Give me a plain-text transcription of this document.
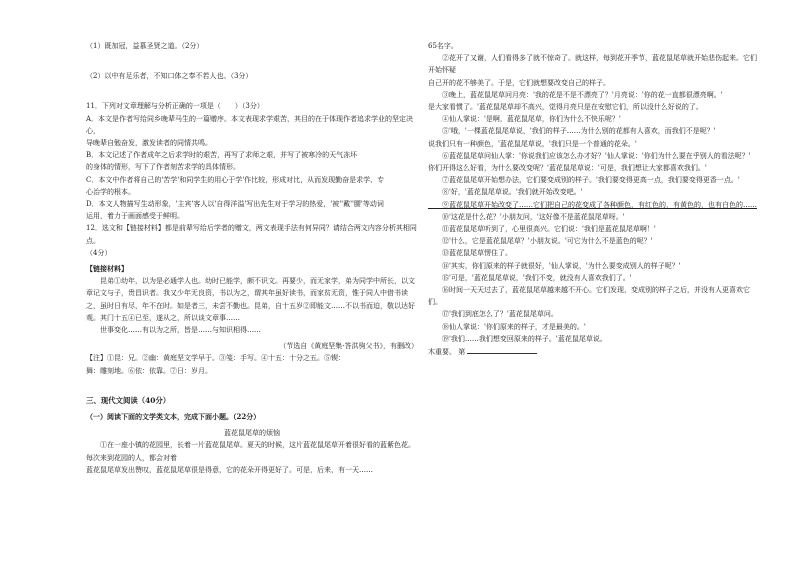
（1）既加冠，益慕圣贤之道。（2分）

（2）以中有足乐者，不知口体之奉不若人也。（3分）

11．下列对文章理解与分析正确的一项是（　　）（3分）

A．本文是作者写给同乡晚辈马生的一篇赠序。本文表现求学艰苦，其目的在于体现作者追求学业的坚定决心，

导晚辈自勉奋发，激发读者的同情共鸣。

B．本文记述了作者成年之后求学时的艰苦，再写了求师之艰，并写了被寒冷的天气冻坏

的身体的情形，写下了作者刻苦求学的具体情形。

C．本文中作者将自己的'苦学'和同学生的用心于学'作比较，形成对比，从而发现勤奋是求学、专

心治学的根本。

D．本文人物描写生动形象，'主宾'客人以'自得洋溢'写出先生对于学习的热爱，'被''戴''腰'等动词

运用，着力于画面感受于鲜明。

12．选文和【链接材料】都是前辈写给后学者的赠文，两文表现手法有何异同？请结合两文内容分析其相同点。

（4分）

【链接材料】

　　昆弟①幼年，以为是必通学人也。幼时已能学，颇不识文。再要少，而无家学，弟为同学中所长，以文章记文与子，贵昌识者。我又少年无良资，书以为之，谓其年虽好读书，而家贫无资，惟于同人中借书读之，虽时日有尽，年不在时。如是者三，未尝不勤也。昆弟，自十五岁②即能文……不以书而迫，敬以达好观。其门十五④已至，遂从之，所以谈文章事……

　　世事变化……有以为之所，皆是……与知识相得……

（节选自《黄庭坚集·答洪驹父书》，有删改）

【注】①昆：兄。②幽：黄庭坚文学早于。③笺：手写。④十五：十分之五。⑤锲：

舞：雕刻地。⑥依：依靠。⑦日：岁月。

三、现代文阅读（40分）

（一）阅读下面的文学类文本，完成下面小题。（22分）

蓝花鼠尾草的烦恼

　　①在一座小镇的花园里，长着一片蓝花鼠尾草。夏天的时候，这片蓝花鼠尾草开着很好看的蓝紫色花。每次来到花园的人，都会对着

蓝花鼠尾草发出赞叹，蓝花鼠尾草很是得意，它的花朵开得更好了。可是，后来，有一天……

65名字。

　　②花开了又谢，人们看得多了就不惊奇了。就这样，每到花开季节，蓝花鼠尾草就开始悲伤起来。它们开始怀疑

自己开的花不够美了。于是，它们就想要改变自己的样子。

　　③晚上，蓝花鼠尾草问月亮：'我的花是不是不漂亮了？'月亮说：'你的花一直都很漂亮啊。'

是大家看惯了。'蓝花鼠尾草却不高兴，觉得月亮只是在安慰它们，所以没什么好说的了。

　　④仙人掌说：'是啊，蓝花鼠尾草，你们为什么不快乐呢？'

　　⑤'哦，'一棵蓝花鼠尾草说，'我们的样子……为什么别的花都有人喜欢，而我们不是呢？'

说我们只有一种颜色，'蓝花鼠尾草说，'我们只是一个普通的花朵。'

　　⑥蓝花鼠尾草问仙人掌：'你说我们应该怎么办才好？'仙人掌说：'你们为什么要在乎别人的看法呢？'

你们开得这么好看，为什么要改变呢？'蓝花鼠尾草说：'可是，我们想让大家都喜欢我们。'

　　⑦蓝花鼠尾草开始想办法，它们要变成别的样子。'我们要变得更高一点，我们要变得更香一点。'

　　⑧'好，'蓝花鼠尾草说。'我们就开始改变吧。'

　　⑨蓝花鼠尾草开始改变了……它们把自己的花变成了各种颜色，有红色的，有黄色的，也有白色的……

　　⑩'这花是什么花？'小朋友问，'这好像不是蓝花鼠尾草呀。'

　　⑪蓝花鼠尾草听到了，心里很高兴。它们说：'我们是蓝花鼠尾草啊！'

　　⑫'什么，它是蓝花鼠尾草？'小朋友说。'可它为什么不是蓝色的呢？'

　　⑬蓝花鼠尾草愣住了。

　　⑭'其实，你们原来的样子就很好，'仙人掌说，'为什么要变成别人的样子呢？'

　　⑮'可是，'蓝花鼠尾草说，'我们不变，就没有人喜欢我们了。'

　　⑯时间一天天过去了，蓝花鼠尾草越来越不开心。它们发现，变成别的样子之后，并没有人更喜欢它们。

　　⑰'我们到底怎么了？'蓝花鼠尾草问。

　　⑱仙人掌说：'你们原来的样子，才是最美的。'

　　⑲'我们……我们想变回原来的样子。'蓝花鼠尾草说。

木重要。 第
